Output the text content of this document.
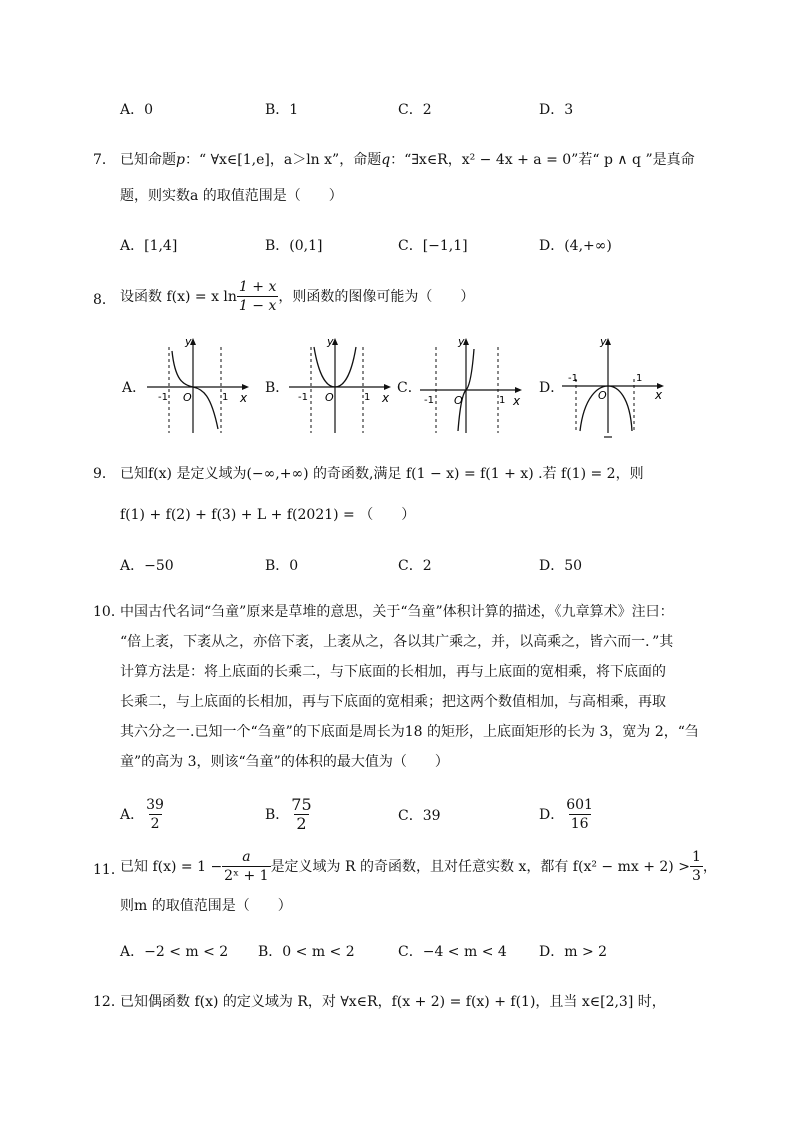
A．0	B．1	C．2	D．3
7． 已知命题p：“ ∀x∈[1,e]，a＞ln x”，命题q：“∃x∈R，x² − 4x + a = 0”若“ p ∧ q ”是真命
题，则实数a 的取值范围是（　　）
A．[1,4]	B．(0,1]	C．[−1,1]	D．(4,+∞)
8． 设函数 f(x) = x $\ln \frac{1 + x}{1 - x}$ ，则函数的图像可能为（　　）
A．	B．	C．	D．
y
x
O
-1	1
y
x
O
-1	1
y
x
O
-1	1
y
x
O
-1	1
9． 已知f(x) 是定义域为(−∞,+∞) 的奇函数,满足 f(1 − x) = f(1 + x) .若 f(1) = 2，则
f(1) + f(2) + f(3) + L + f(2021) = （　　）
A．−50	B．0	C．2	D．50
10．
中国古代名词“刍童”原来是草堆的意思，关于“刍童”体积计算的描述，《九章算术》注曰：
“倍上袤，下袤从之，亦倍下袤，上袤从之，各以其广乘之，并，以高乘之，皆六而一．”其
计算方法是：将上底面的长乘二，与下底面的长相加，再与上底面的宽相乘，将下底面的
长乘二，与上底面的长相加，再与下底面的宽相乘；把这两个数值相加，与高相乘，再取
其六分之一.已知一个“刍童”的下底面是周长为18 的矩形，上底面矩形的长为 3，宽为 2，“刍
童”的高为 3，则该“刍童”的体积的最大值为（　　）
A． $\frac{39}{2}$	B． $\frac{75}{2}$	C．39	D． $\frac{601}{16}$
11．
已知 $f(x) = 1 - \frac{a}{\text{2ˣ + 1}}$ 是定义域为 R 的奇函数，且对任意实数 x，都有 f(x² − mx + $2) > \frac{1}{3}$ ，
则m 的取值范围是（　　）
A．−2 < m < 2 B．0 < m < 2	C．−4 < m < 4 D．m > 2
12．
已知偶函数 f(x) 的定义域为 R，对 ∀x∈R，f(x + 2) = f(x) + f(1)，且当 x∈[2,3] 时，
